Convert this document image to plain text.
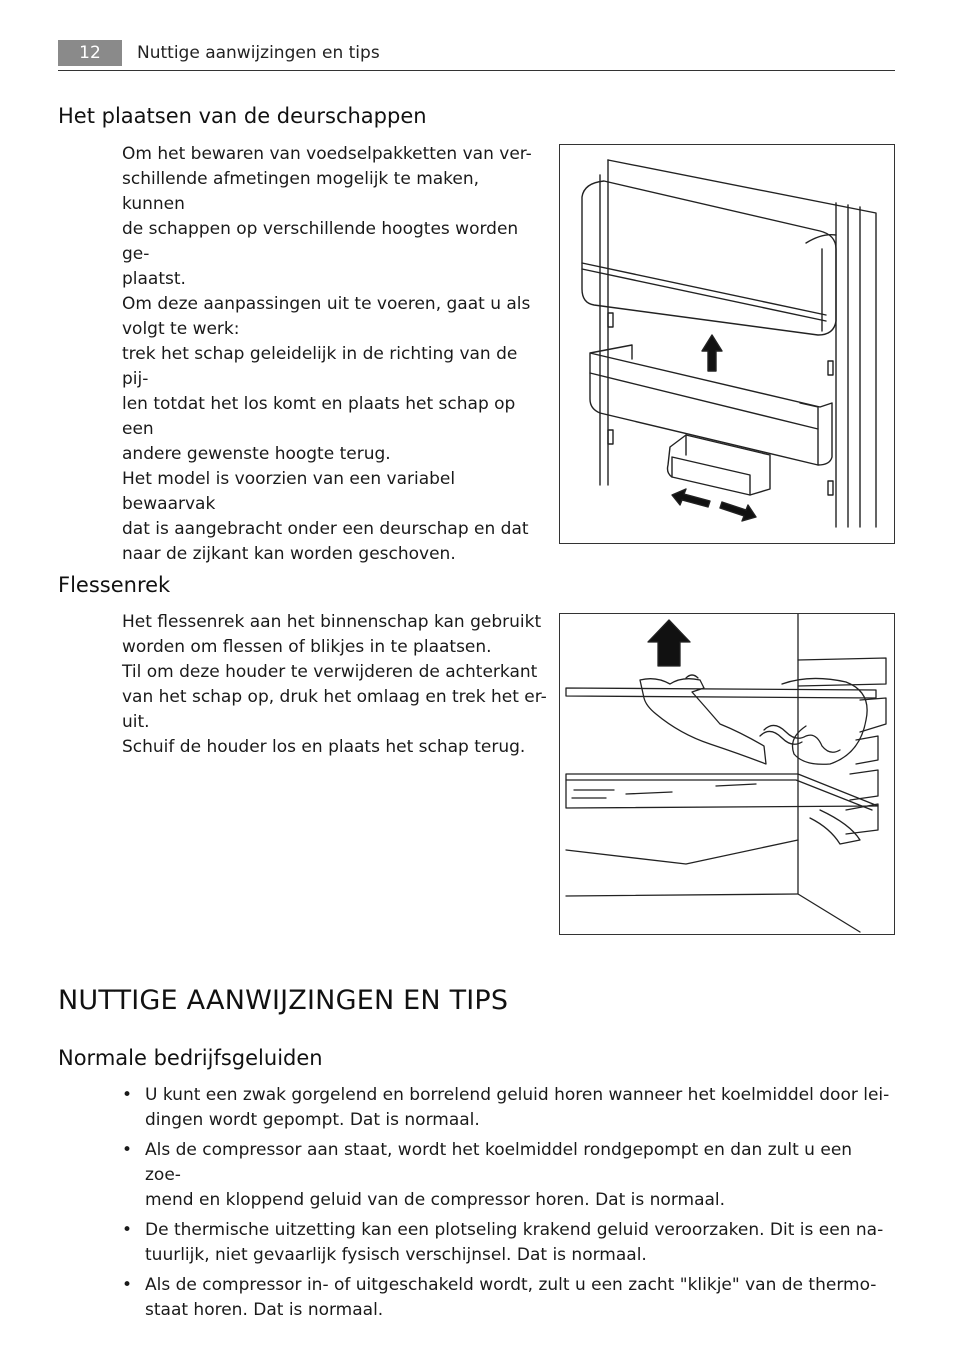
12	Nuttige aanwijzingen en tips
Het plaatsen van de deurschappen

Om het bewaren van voedselpakketten van ver-

schillende afmetingen mogelijk te maken, kunnen

de schappen op verschillende hoogtes worden ge-

plaatst.

Om deze aanpassingen uit te voeren, gaat u als

volgt te werk:

trek het schap geleidelijk in de richting van de pij-

len totdat het los komt en plaats het schap op een

andere gewenste hoogte terug.

Het model is voorzien van een variabel bewaarvak

dat is aangebracht onder een deurschap en dat

naar de zijkant kan worden geschoven.

Flessenrek

Het flessenrek aan het binnenschap kan gebruikt

worden om flessen of blikjes in te plaatsen.

Til om deze houder te verwijderen de achterkant

van het schap op, druk het omlaag en trek het er-

uit.

Schuif de houder los en plaats het schap terug.

NUTTIGE AANWIJZINGEN EN TIPS
Normale bedrijfsgeluiden
• U kunt een zwak gorgelend en borrelend geluid horen wanneer het koelmiddel door lei-
dingen wordt gepompt. Dat is normaal.
• Als de compressor aan staat, wordt het koelmiddel rondgepompt en dan zult u een zoe-
mend en kloppend geluid van de compressor horen. Dat is normaal.
• De thermische uitzetting kan een plotseling krakend geluid veroorzaken. Dit is een na-
tuurlijk, niet gevaarlijk fysisch verschijnsel. Dat is normaal.
• Als de compressor in- of uitgeschakeld wordt, zult u een zacht "klikje" van de thermo-
staat horen. Dat is normaal.
